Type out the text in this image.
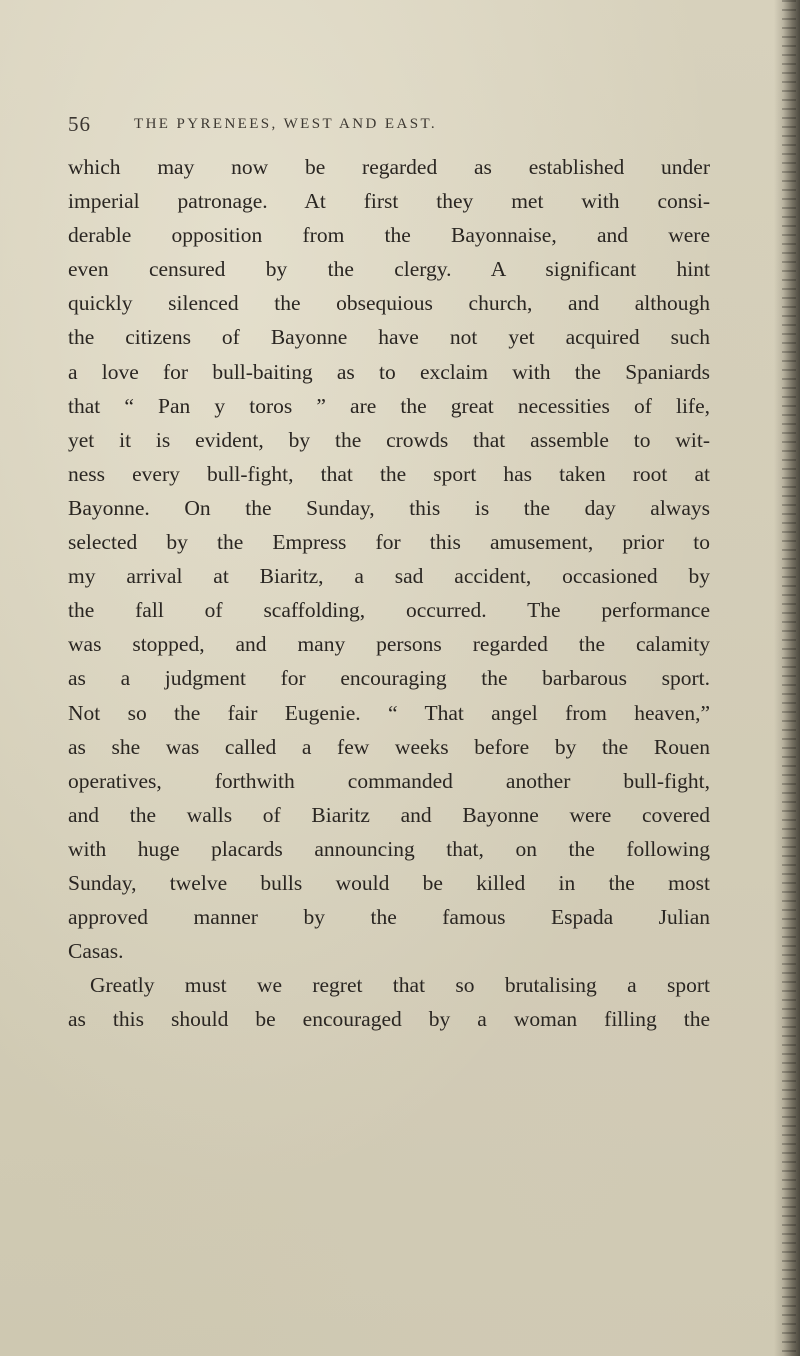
56	THE PYRENEES, WEST AND EAST.
which may now be regarded as established under
imperial patronage. At first they met with consi-
derable opposition from the Bayonnaise, and were
even censured by the clergy. A significant hint
quickly silenced the obsequious church, and although
the citizens of Bayonne have not yet acquired such
a love for bull-baiting as to exclaim with the Spaniards
that “ Pan y toros ” are the great necessities of life,
yet it is evident, by the crowds that assemble to wit-
ness every bull-fight, that the sport has taken root at
Bayonne. On the Sunday, this is the day always
selected by the Empress for this amusement, prior to
my arrival at Biaritz, a sad accident, occasioned by
the fall of scaffolding, occurred. The performance
was stopped, and many persons regarded the calamity
as a judgment for encouraging the barbarous sport.
Not so the fair Eugenie. “ That angel from heaven,”
as she was called a few weeks before by the Rouen
operatives, forthwith commanded another bull-fight,
and the walls of Biaritz and Bayonne were covered
with huge placards announcing that, on the following
Sunday, twelve bulls would be killed in the most
approved manner by the famous Espada Julian
Casas.
Greatly must we regret that so brutalising a sport
as this should be encouraged by a woman filling the
